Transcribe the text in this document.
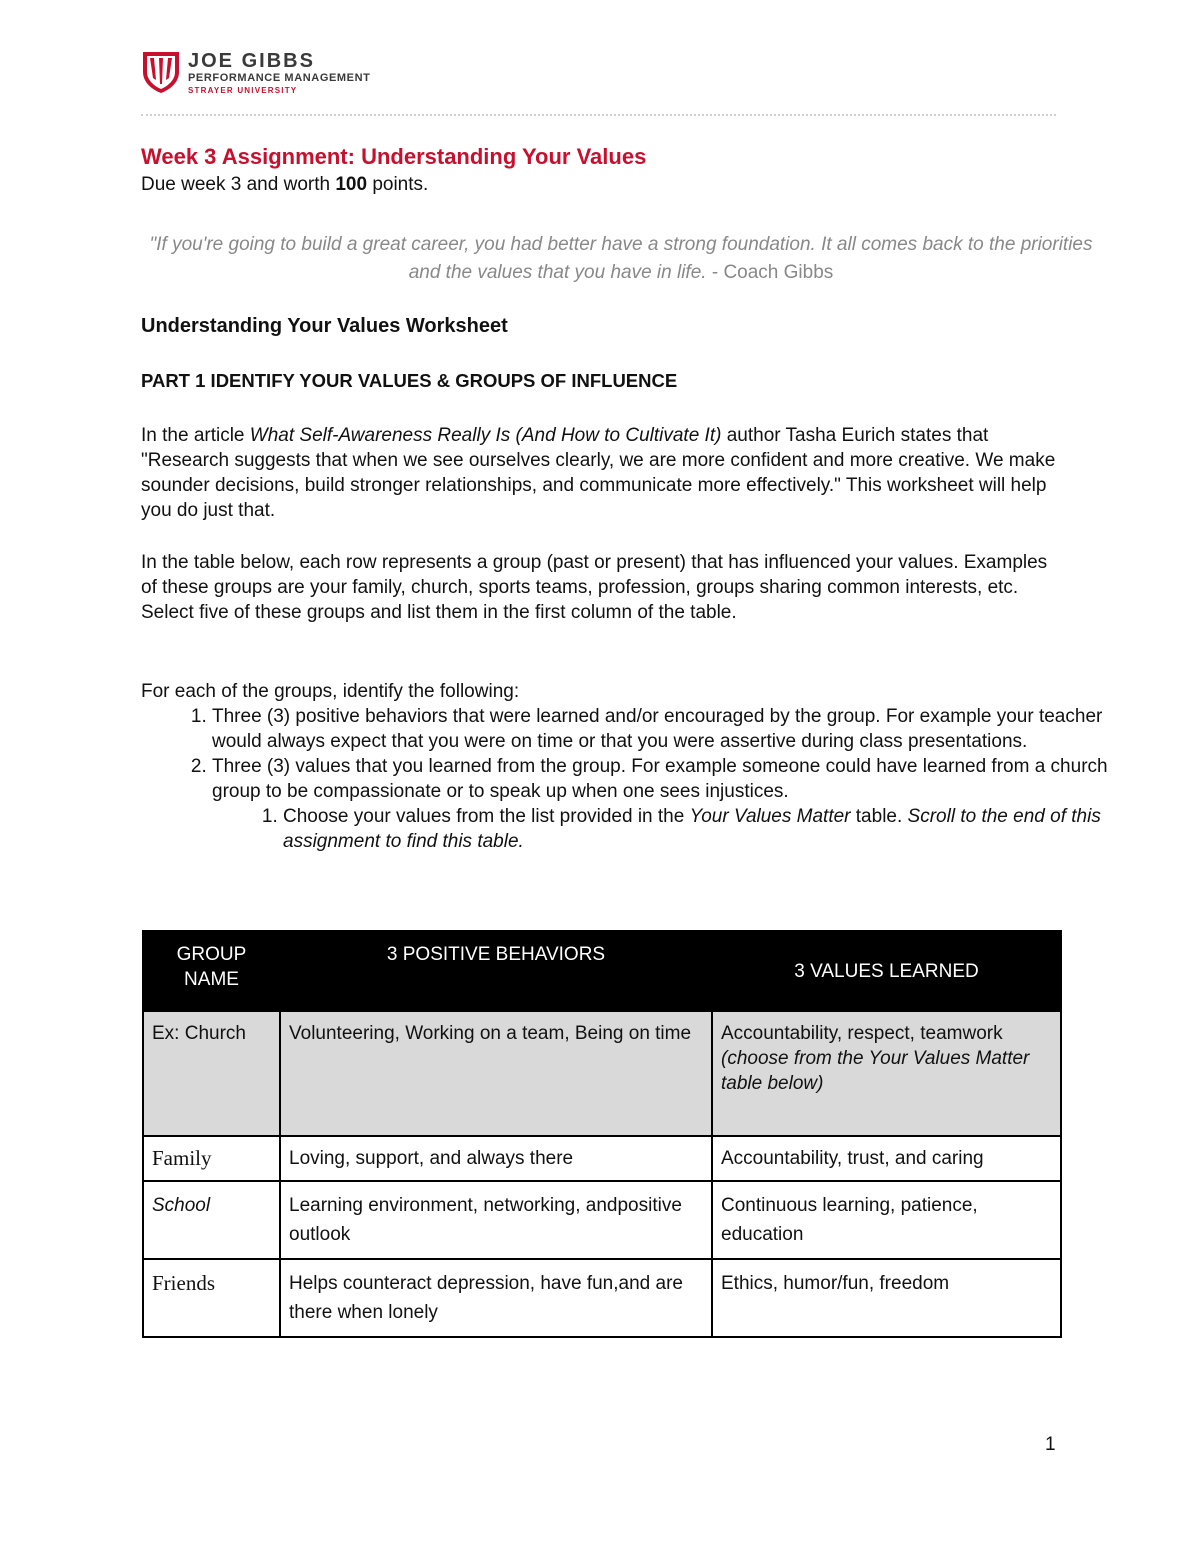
JOE GIBBS
PERFORMANCE MANAGEMENT
STRAYER UNIVERSITY
Week 3 Assignment: Understanding Your Values
Due week 3 and worth 100 points.
"If you're going to build a great career, you had better have a strong foundation. It all comes back to the priorities and the values that you have in life. - Coach Gibbs
Understanding Your Values Worksheet
PART 1 IDENTIFY YOUR VALUES & GROUPS OF INFLUENCE
In the article What Self-Awareness Really Is (And How to Cultivate It) author Tasha Eurich states that "Research suggests that when we see ourselves clearly, we are more confident and more creative. We make sounder decisions, build stronger relationships, and communicate more effectively." This worksheet will help you do just that.
In the table below, each row represents a group (past or present) that has influenced your values. Examples of these groups are your family, church, sports teams, profession, groups sharing common interests, etc. Select five of these groups and list them in the first column of the table.
For each of the groups, identify the following:
1. Three (3) positive behaviors that were learned and/or encouraged by the group. For example your teacher would always expect that you were on time or that you were assertive during class presentations.
2. Three (3) values that you learned from the group. For example someone could have learned from a church group to be compassionate or to speak up when one sees injustices.
1. Choose your values from the list provided in the Your Values Matter table. Scroll to the end of this assignment to find this table.
GROUP NAME	3 POSITIVE BEHAVIORS	3 VALUES LEARNED
Ex: Church	Volunteering, Working on a team, Being on time	Accountability, respect, teamwork
(choose from the Your Values Matter table below)
Family	Loving, support, and always there	Accountability, trust, and caring
School	Learning environment, networking, andpositive outlook	Continuous learning, patience, education
Friends	Helps counteract depression, have fun,and are there when lonely	Ethics, humor/fun, freedom
1
